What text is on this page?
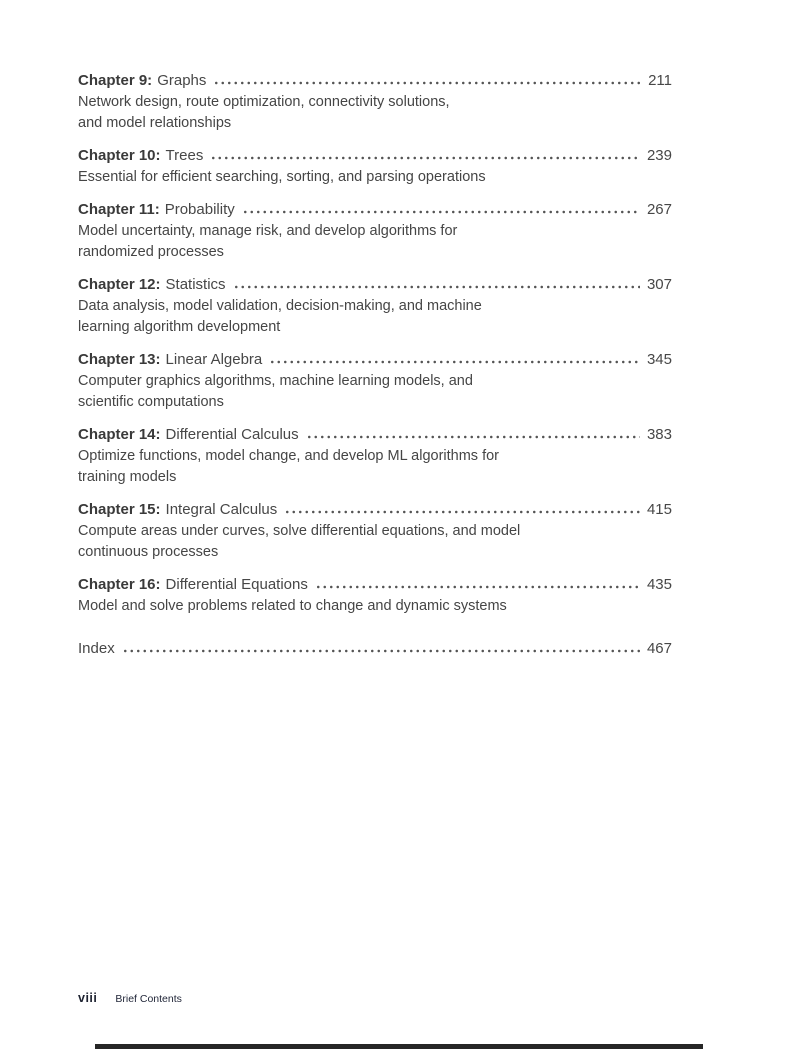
Chapter 9: Graphs	211
Network design, route optimization, connectivity solutions,
and model relationships
Chapter 10: Trees	239
Essential for efficient searching, sorting, and parsing operations
Chapter 11: Probability	267
Model uncertainty, manage risk, and develop algorithms for
randomized processes
Chapter 12: Statistics	307
Data analysis, model validation, decision-making, and machine
learning algorithm development
Chapter 13: Linear Algebra	345
Computer graphics algorithms, machine learning models, and
scientific computations
Chapter 14: Differential Calculus	383
Optimize functions, model change, and develop ML algorithms for
training models
Chapter 15: Integral Calculus	415
Compute areas under curves, solve differential equations, and model
continuous processes
Chapter 16: Differential Equations	435
Model and solve problems related to change and dynamic systems
Index	467
viii Brief Contents
